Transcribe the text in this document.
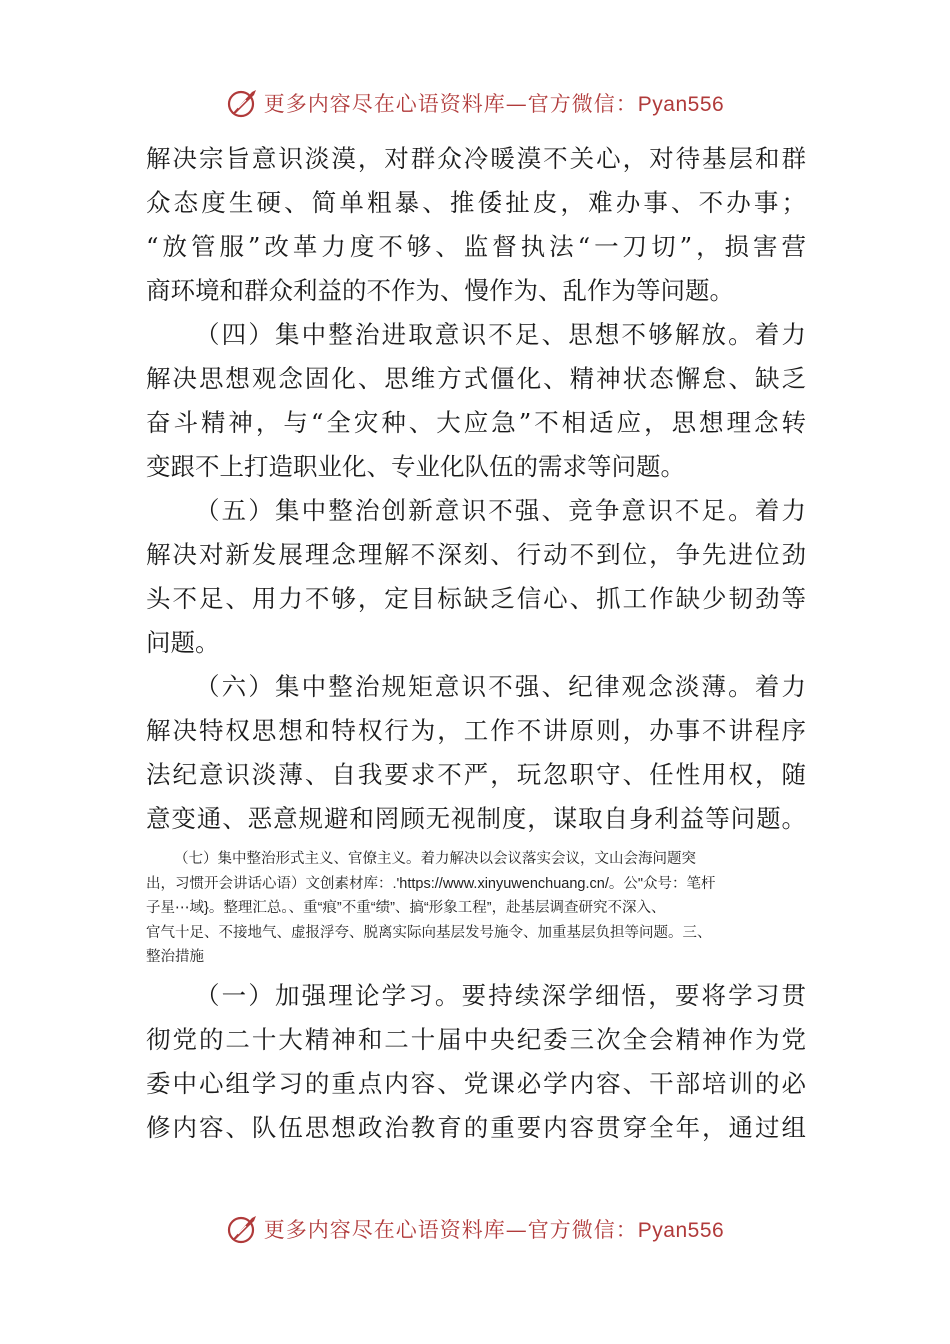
更多内容尽在心语资料库—官方微信：Pyan556
解决宗旨意识淡漠，对群众冷暖漠不关心，对待基层和群
众态度生硬、简单粗暴、推倭扯皮，难办事、不办事；
“放管服”改革力度不够、监督执法“一刀切”，损害营
商环境和群众利益的不作为、慢作为、乱作为等问题。
（四）集中整治进取意识不足、思想不够解放。着力
解决思想观念固化、思维方式僵化、精神状态懈怠、缺乏
奋斗精神，与“全灾种、大应急”不相适应，思想理念转
变跟不上打造职业化、专业化队伍的需求等问题。
（五）集中整治创新意识不强、竞争意识不足。着力
解决对新发展理念理解不深刻、行动不到位，争先进位劲
头不足、用力不够，定目标缺乏信心、抓工作缺少韧劲等
问题。
（六）集中整治规矩意识不强、纪律观念淡薄。着力
解决特权思想和特权行为，工作不讲原则，办事不讲程序
法纪意识淡薄、自我要求不严，玩忽职守、任性用权，随
意变通、恶意规避和罔顾无视制度，谋取自身利益等问题。
（七）集中整治形式主义、官僚主义。着力解决以会议落实会议，文山会海问题突
出，习惯开会讲话心语）文创素材库：.'https://www.xinyuwenchuang.cn/。公"众号：笔杆
子星⋯域}。整理汇总。、重“痕”不重“绩”、搞“形象工程”，赴基层调查研究不深入、
官气十足、不接地气、虚报浮夸、脱离实际向基层发号施令、加重基层负担等问题。三、
整治措施
（一）加强理论学习。要持续深学细悟，要将学习贯
彻党的二十大精神和二十届中央纪委三次全会精神作为党
委中心组学习的重点内容、党课必学内容、干部培训的必
修内容、队伍思想政治教育的重要内容贯穿全年，通过组
更多内容尽在心语资料库—官方微信：Pyan556
